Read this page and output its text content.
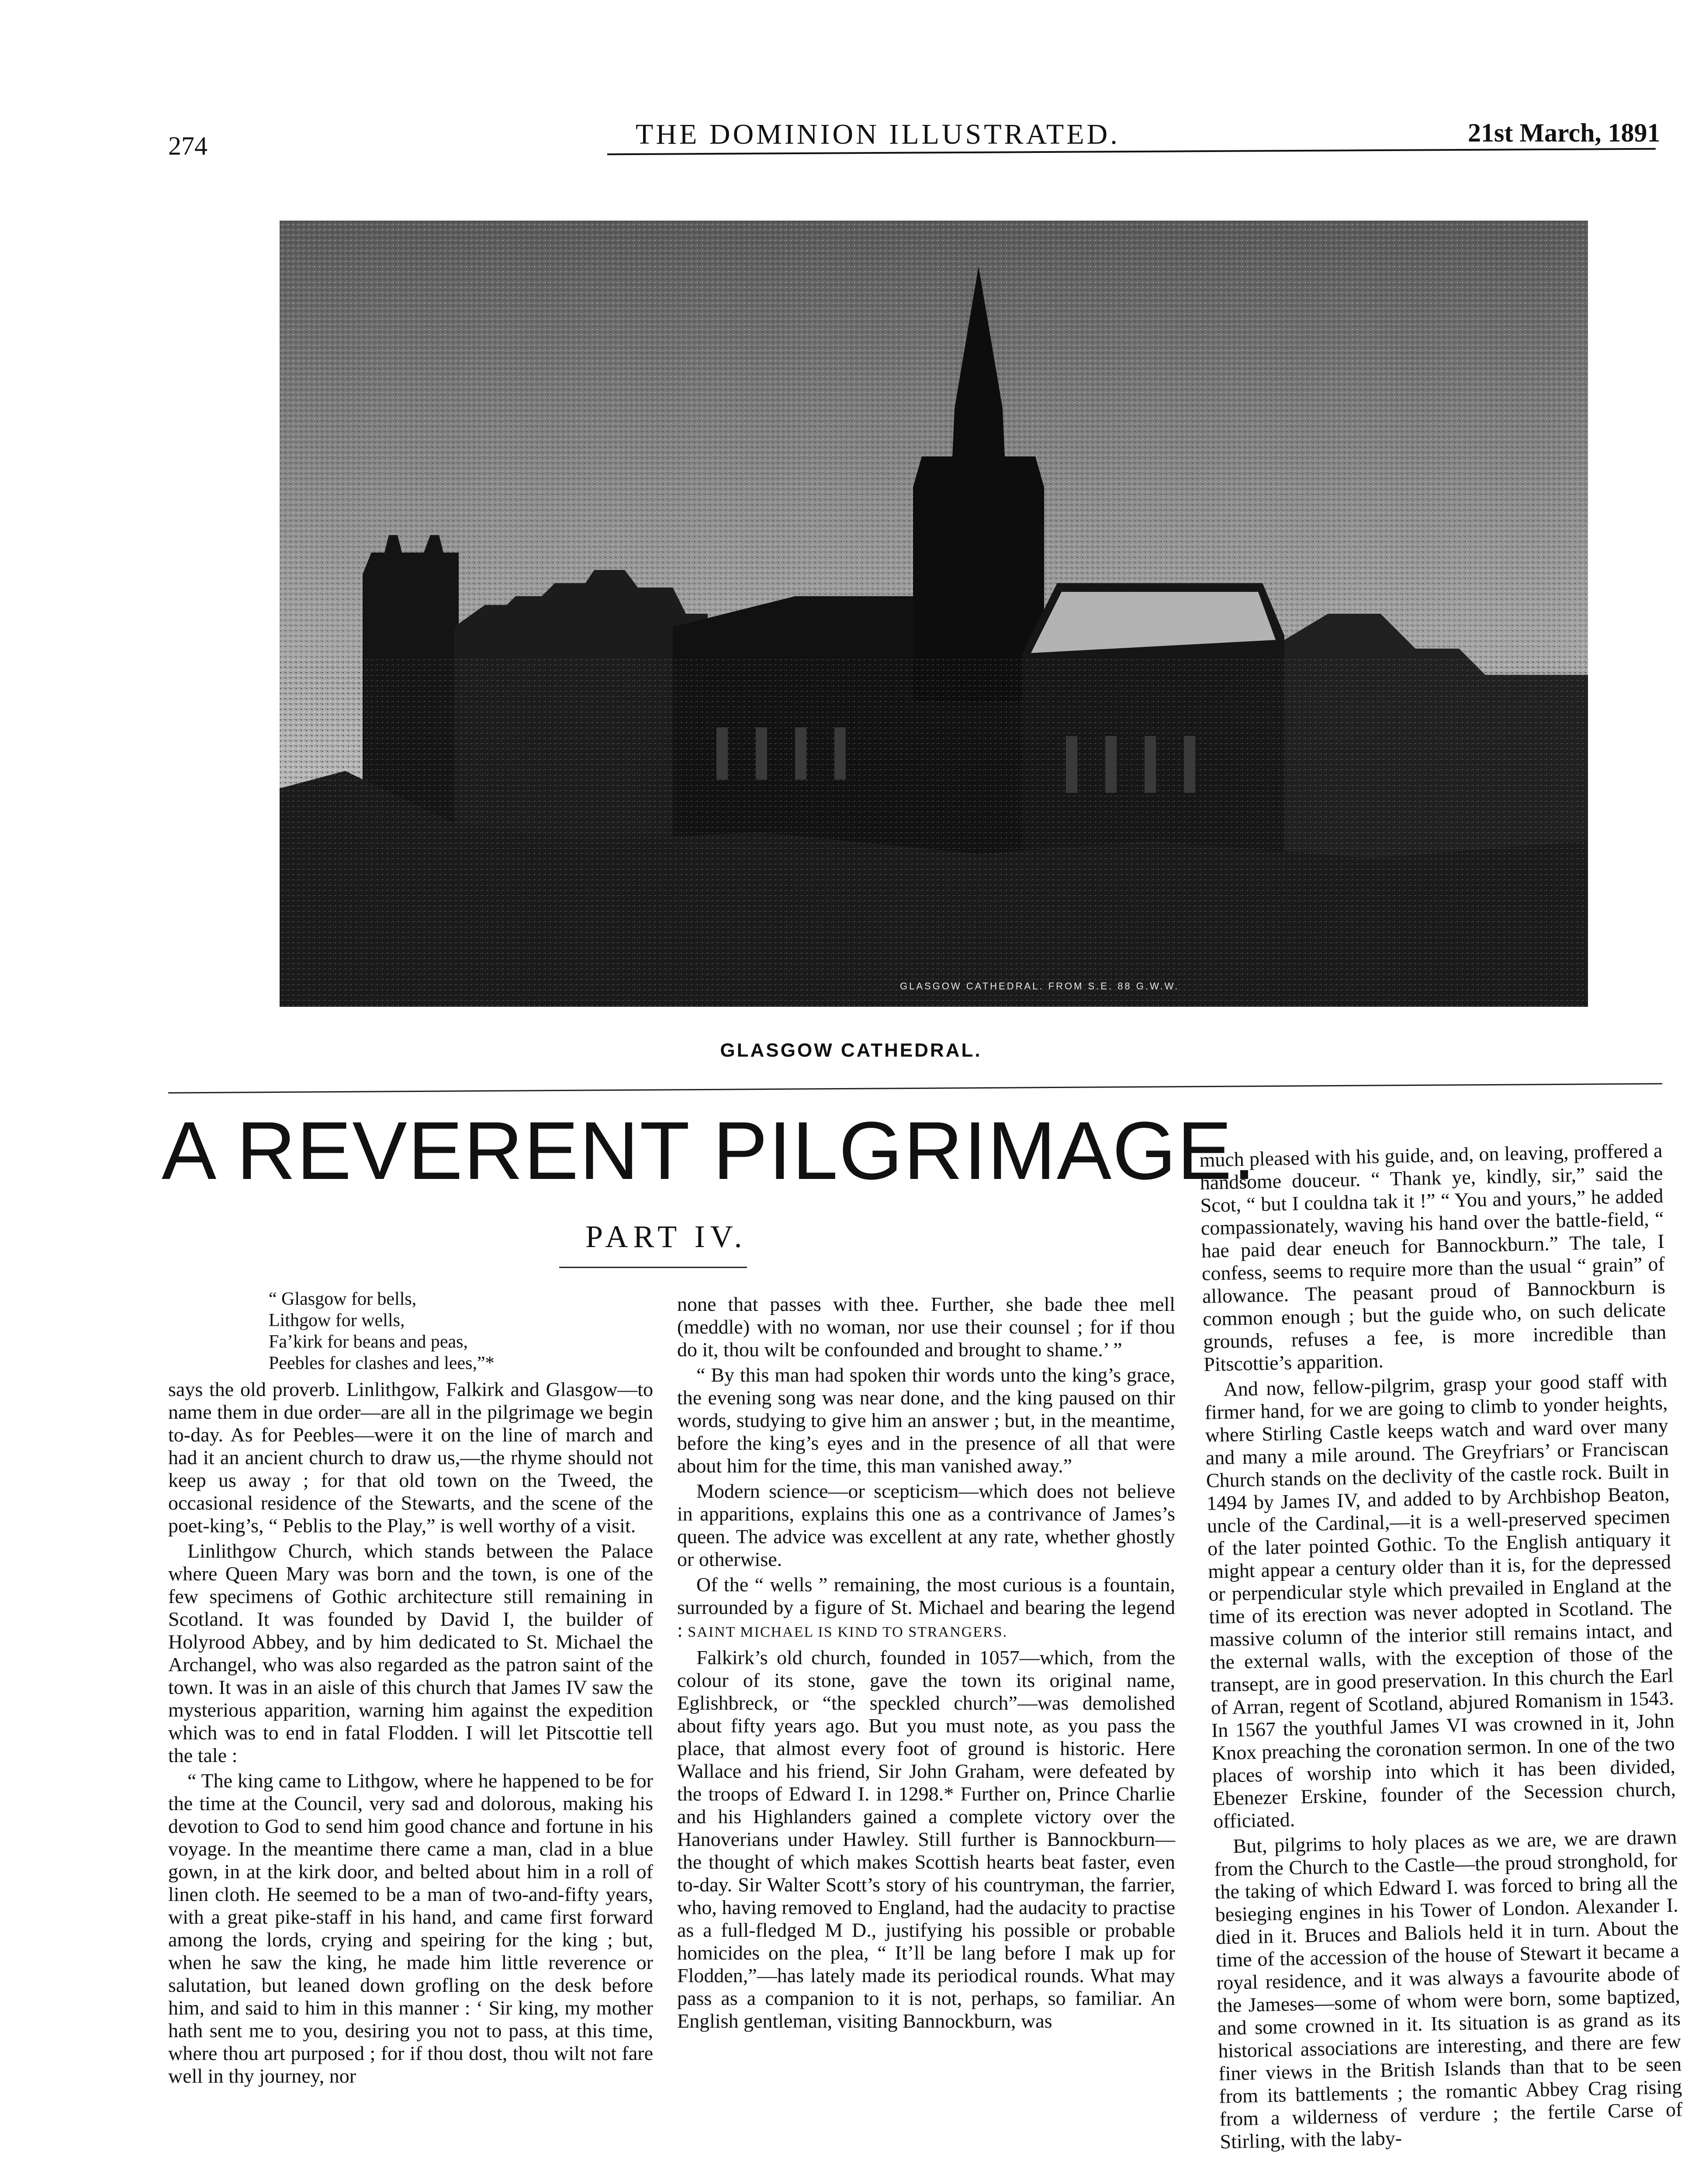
274	THE DOMINION ILLUSTRATED.	21st March, 1891
GLASGOW CATHEDRAL. FROM S.E. 88 G.W.W.
GLASGOW CATHEDRAL.
A REVERENT PILGRIMAGE.
PART IV.
“ Glasgow for bells,
Lithgow for wells,
Fa’kirk for beans and peas,
Peebles for clashes and lees,”*

says the old proverb. Linlithgow, Falkirk and Glasgow—to name them in due order—are all in the pilgrimage we begin to-day. As for Peebles—were it on the line of march and had it an ancient church to draw us,—the rhyme should not keep us away ; for that old town on the Tweed, the occasional residence of the Stewarts, and the scene of the poet-king’s, “ Peblis to the Play,” is well worthy of a visit.

Linlithgow Church, which stands between the Palace where Queen Mary was born and the town, is one of the few specimens of Gothic architecture still remaining in Scotland. It was founded by David I, the builder of Holyrood Abbey, and by him dedicated to St. Michael the Archangel, who was also regarded as the patron saint of the town. It was in an aisle of this church that James IV saw the mysterious apparition, warning him against the expedition which was to end in fatal Flodden. I will let Pitscottie tell the tale :

“ The king came to Lithgow, where he happened to be for the time at the Council, very sad and dolorous, making his devotion to God to send him good chance and fortune in his voyage. In the meantime there came a man, clad in a blue gown, in at the kirk door, and belted about him in a roll of linen cloth. He seemed to be a man of two-and-fifty years, with a great pike-staff in his hand, and came first forward among the lords, crying and speiring for the king ; but, when he saw the king, he made him little reverence or salutation, but leaned down grofling on the desk before him, and said to him in this manner : ‘ Sir king, my mother hath sent me to you, desiring you not to pass, at this time, where thou art purposed ; for if thou dost, thou wilt not fare well in thy journey, nor

none that passes with thee. Further, she bade thee mell (meddle) with no woman, nor use their counsel ; for if thou do it, thou wilt be confounded and brought to shame.’ ”

“ By this man had spoken thir words unto the king’s grace, the evening song was near done, and the king paused on thir words, studying to give him an answer ; but, in the meantime, before the king’s eyes and in the presence of all that were about him for the time, this man vanished away.”

Modern science—or scepticism—which does not believe in apparitions, explains this one as a contrivance of James’s queen. The advice was excellent at any rate, whether ghostly or otherwise.

Of the “ wells ” remaining, the most curious is a fountain, surrounded by a figure of St. Michael and bearing the legend : SAINT MICHAEL IS KIND TO STRANGERS.

Falkirk’s old church, founded in 1057—which, from the colour of its stone, gave the town its original name, Eglishbreck, or “the speckled church”—was demolished about fifty years ago. But you must note, as you pass the place, that almost every foot of ground is historic. Here Wallace and his friend, Sir John Graham, were defeated by the troops of Edward I. in 1298.* Further on, Prince Charlie and his Highlanders gained a complete victory over the Hanoverians under Hawley. Still further is Bannockburn—the thought of which makes Scottish hearts beat faster, even to-day. Sir Walter Scott’s story of his countryman, the farrier, who, having removed to England, had the audacity to practise as a full-fledged M D., justifying his possible or probable homicides on the plea, “ It’ll be lang before I mak up for Flodden,”—has lately made its periodical rounds. What may pass as a companion to it is not, perhaps, so familiar. An English gentleman, visiting Bannockburn, was

much pleased with his guide, and, on leaving, proffered a handsome douceur. “ Thank ye, kindly, sir,” said the Scot, “ but I couldna tak it !” “ You and yours,” he added compassionately, waving his hand over the battle-field, “ hae paid dear eneuch for Bannockburn.” The tale, I confess, seems to require more than the usual “ grain” of allowance. The peasant proud of Bannockburn is common enough ; but the guide who, on such delicate grounds, refuses a fee, is more incredible than Pitscottie’s apparition.

And now, fellow-pilgrim, grasp your good staff with firmer hand, for we are going to climb to yonder heights, where Stirling Castle keeps watch and ward over many and many a mile around. The Greyfriars’ or Franciscan Church stands on the declivity of the castle rock. Built in 1494 by James IV, and added to by Archbishop Beaton, uncle of the Cardinal,—it is a well-preserved specimen of the later pointed Gothic. To the English antiquary it might appear a century older than it is, for the depressed or perpendicular style which prevailed in England at the time of its erection was never adopted in Scotland. The massive column of the interior still remains intact, and the external walls, with the exception of those of the transept, are in good preservation. In this church the Earl of Arran, regent of Scotland, abjured Romanism in 1543. In 1567 the youthful James VI was crowned in it, John Knox preaching the coronation sermon. In one of the two places of worship into which it has been divided, Ebenezer Erskine, founder of the Secession church, officiated.

But, pilgrims to holy places as we are, we are drawn from the Church to the Castle—the proud stronghold, for the taking of which Edward I. was forced to bring all the besieging engines in his Tower of London. Alexander I. died in it. Bruces and Baliols held it in turn. About the time of the accession of the house of Stewart it became a royal residence, and it was always a favourite abode of the Jameses—some of whom were born, some baptized, and some crowned in it. Its situation is as grand as its historical associations are interesting, and there are few finer views in the British Islands than that to be seen from its battlements ; the romantic Abbey Crag rising from a wilderness of verdure ; the fertile Carse of Stirling, with the laby-
